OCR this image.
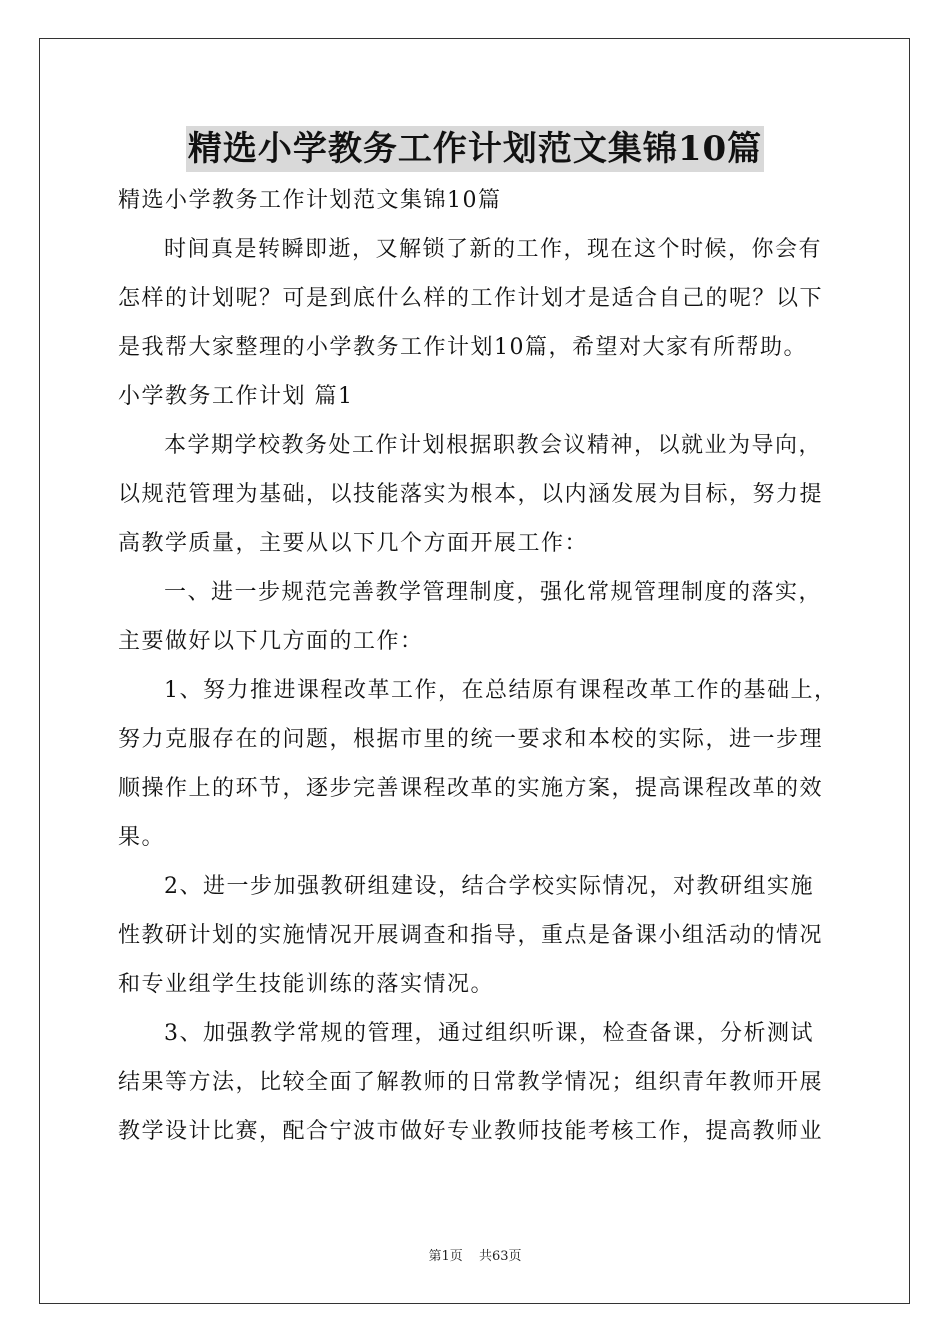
精选小学教务工作计划范文集锦10篇
精选小学教务工作计划范文集锦10篇
时间真是转瞬即逝，又解锁了新的工作，现在这个时候，你会有
怎样的计划呢？可是到底什么样的工作计划才是适合自己的呢？以下
是我帮大家整理的小学教务工作计划10篇，希望对大家有所帮助。
小学教务工作计划 篇1
本学期学校教务处工作计划根据职教会议精神，以就业为导向，
以规范管理为基础，以技能落实为根本，以内涵发展为目标，努力提
高教学质量，主要从以下几个方面开展工作：
一、进一步规范完善教学管理制度，强化常规管理制度的落实，
主要做好以下几方面的工作：
1、努力推进课程改革工作，在总结原有课程改革工作的基础上，
努力克服存在的问题，根据市里的统一要求和本校的实际，进一步理
顺操作上的环节，逐步完善课程改革的实施方案，提高课程改革的效
果。
2、进一步加强教研组建设，结合学校实际情况，对教研组实施
性教研计划的实施情况开展调查和指导，重点是备课小组活动的情况
和专业组学生技能训练的落实情况。
3、加强教学常规的管理，通过组织听课，检查备课，分析测试
结果等方法，比较全面了解教师的日常教学情况；组织青年教师开展
教学设计比赛，配合宁波市做好专业教师技能考核工作，提高教师业
第1页 共63页
